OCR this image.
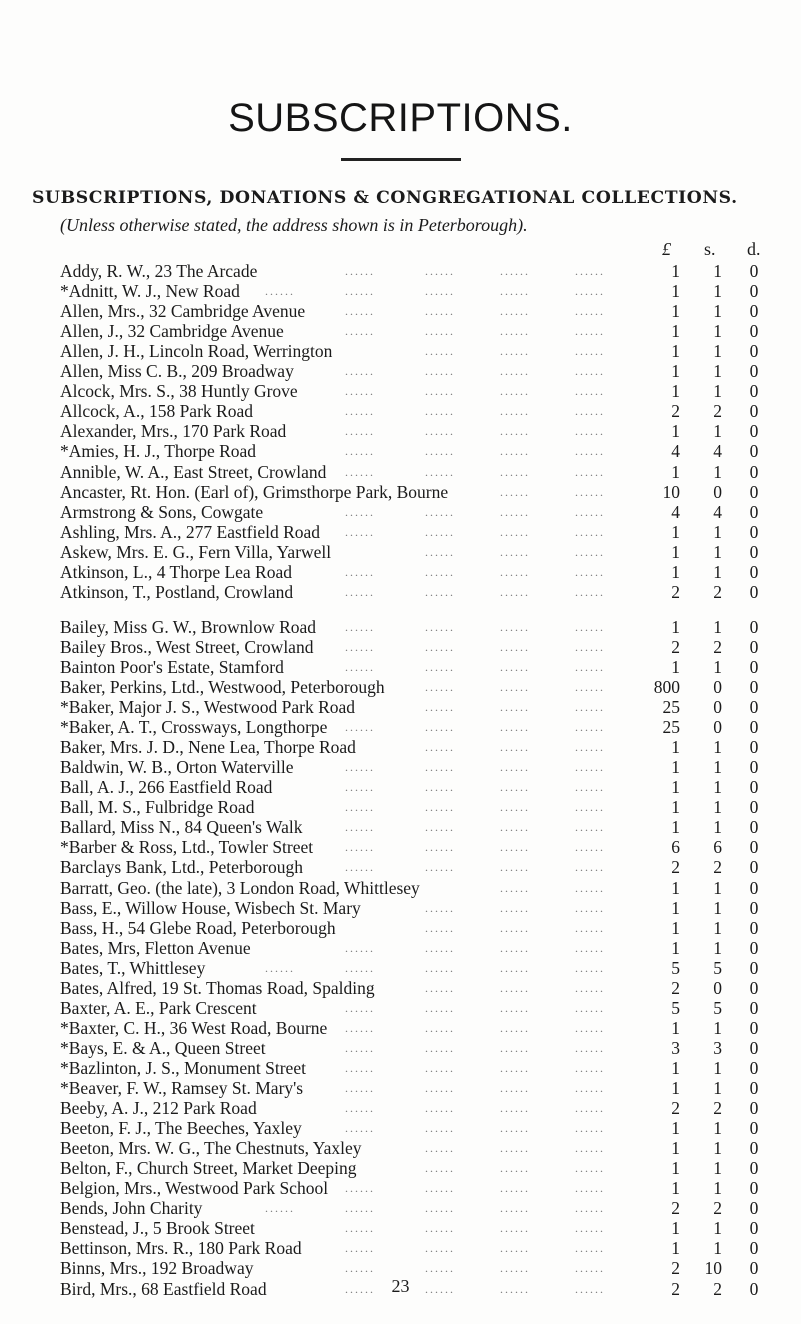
SUBSCRIPTIONS.
SUBSCRIPTIONS, DONATIONS & CONGREGATIONAL COLLECTIONS.
(Unless otherwise stated, the address shown is in Peterborough).
£ s. d.
Addy, R. W., 23 The Arcade	1	1	0
......	......	......	......
*Adnitt, W. J., New Road	1	1	0
......	......	......	......	......
Allen, Mrs., 32 Cambridge Avenue	1	1	0
......	......	......	......
Allen, J., 32 Cambridge Avenue	1	1	0
......	......	......	......
Allen, J. H., Lincoln Road, Werrington	1	1	0
......	......	......
Allen, Miss C. B., 209 Broadway	1	1	0
......	......	......	......
Alcock, Mrs. S., 38 Huntly Grove	1	1	0
......	......	......	......
Allcock, A., 158 Park Road	2	2	0
......	......	......	......
Alexander, Mrs., 170 Park Road	1	1	0
......	......	......	......
*Amies, H. J., Thorpe Road	4	4	0
......	......	......	......
Annible, W. A., East Street, Crowland	1	1	0
......	......	......	......
Ancaster, Rt. Hon. (Earl of), Grimsthorpe Park, Bourne	10	0	0
......	......
Armstrong & Sons, Cowgate	4	4	0
......	......	......	......
Ashling, Mrs. A., 277 Eastfield Road	1	1	0
......	......	......	......
Askew, Mrs. E. G., Fern Villa, Yarwell	1	1	0
......	......	......
Atkinson, L., 4 Thorpe Lea Road	1	1	0
......	......	......	......
Atkinson, T., Postland, Crowland	2	2	0
......	......	......	......
Bailey, Miss G. W., Brownlow Road	1	1	0
......	......	......	......
Bailey Bros., West Street, Crowland	2	2	0
......	......	......	......
Bainton Poor's Estate, Stamford	1	1	0
......	......	......	......
Baker, Perkins, Ltd., Westwood, Peterborough	800	0	0
......	......	......
*Baker, Major J. S., Westwood Park Road	25	0	0
......	......	......
*Baker, A. T., Crossways, Longthorpe	25	0	0
......	......	......	......
Baker, Mrs. J. D., Nene Lea, Thorpe Road	1	1	0
......	......	......
Baldwin, W. B., Orton Waterville	1	1	0
......	......	......	......
Ball, A. J., 266 Eastfield Road	1	1	0
......	......	......	......
Ball, M. S., Fulbridge Road	1	1	0
......	......	......	......
Ballard, Miss N., 84 Queen's Walk	1	1	0
......	......	......	......
*Barber & Ross, Ltd., Towler Street	6	6	0
......	......	......	......
Barclays Bank, Ltd., Peterborough	2	2	0
......	......	......	......
Barratt, Geo. (the late), 3 London Road, Whittlesey	1	1	0
......	......
Bass, E., Willow House, Wisbech St. Mary	1	1	0
......	......	......
Bass, H., 54 Glebe Road, Peterborough	1	1	0
......	......	......
Bates, Mrs, Fletton Avenue	1	1	0
......	......	......	......
Bates, T., Whittlesey	5	5	0
......	......	......	......	......
Bates, Alfred, 19 St. Thomas Road, Spalding	2	0	0
......	......	......
Baxter, A. E., Park Crescent	5	5	0
......	......	......	......
*Baxter, C. H., 36 West Road, Bourne	1	1	0
......	......	......	......
*Bays, E. & A., Queen Street	3	3	0
......	......	......	......
*Bazlinton, J. S., Monument Street	1	1	0
......	......	......	......
*Beaver, F. W., Ramsey St. Mary's	1	1	0
......	......	......	......
Beeby, A. J., 212 Park Road	2	2	0
......	......	......	......
Beeton, F. J., The Beeches, Yaxley	1	1	0
......	......	......	......
Beeton, Mrs. W. G., The Chestnuts, Yaxley	1	1	0
......	......	......
Belton, F., Church Street, Market Deeping	1	1	0
......	......	......
Belgion, Mrs., Westwood Park School	1	1	0
......	......	......	......
Bends, John Charity	2	2	0
......	......	......	......	......
Benstead, J., 5 Brook Street	1	1	0
......	......	......	......
Bettinson, Mrs. R., 180 Park Road	1	1	0
......	......	......	......
Binns, Mrs., 192 Broadway	2	10	0
......	......	......	......
Bird, Mrs., 68 Eastfield Road	2	2	0
......	......	......	......
23
